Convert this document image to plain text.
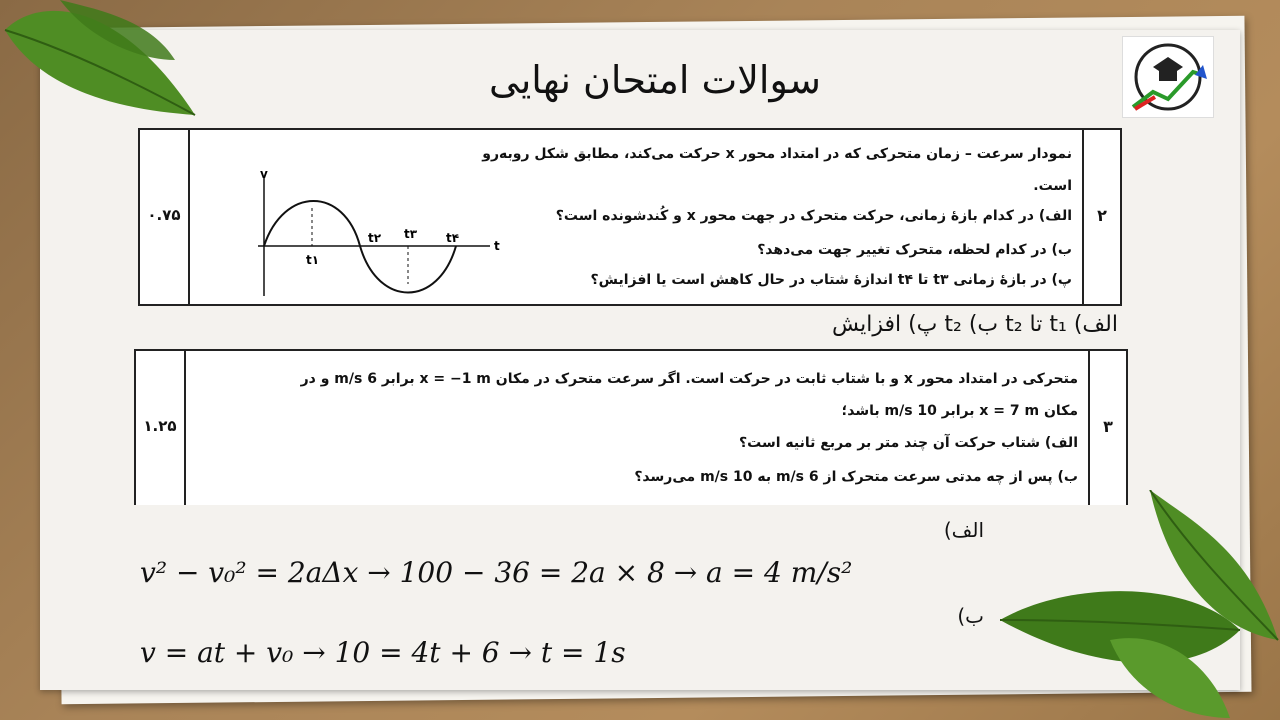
سوالات امتحان نهایی
۰.۷۵	۲
نمودار سرعت – زمان متحرکی که در امتداد محور x حرکت می‌کند، مطابق شکل روبه‌رو
است.
الف) در کدام بازهٔ زمانی، حرکت متحرک در جهت محور x و کُندشونده است؟
ب) در کدام لحظه، متحرک تغییر جهت می‌دهد؟
پ) در بازهٔ زمانی t۳ تا t۴ اندازهٔ شتاب در حال کاهش است یا افزایش؟
v
t
t۱
t۲ t۳ t۴
الف) t₁ تا t₂ ب) t₂ پ) افزایش
۱.۲۵	۳
متحرکی در امتداد محور x و با شتاب ثابت در حرکت است. اگر سرعت متحرک در مکان x = −1 m برابر 6 m/s و در
مکان x = 7 m برابر 10 m/s باشد؛
الف) شتاب حرکت آن چند متر بر مربع ثانیه است؟
ب) پس از چه مدتی سرعت متحرک از 6 m/s به 10 m/s می‌رسد؟
الف)
v² − v₀² = 2aΔx → 100 − 36 = 2a × 8 → a = 4 m/s²
ب)
v = at + v₀ → 10 = 4t + 6 → t = 1s
